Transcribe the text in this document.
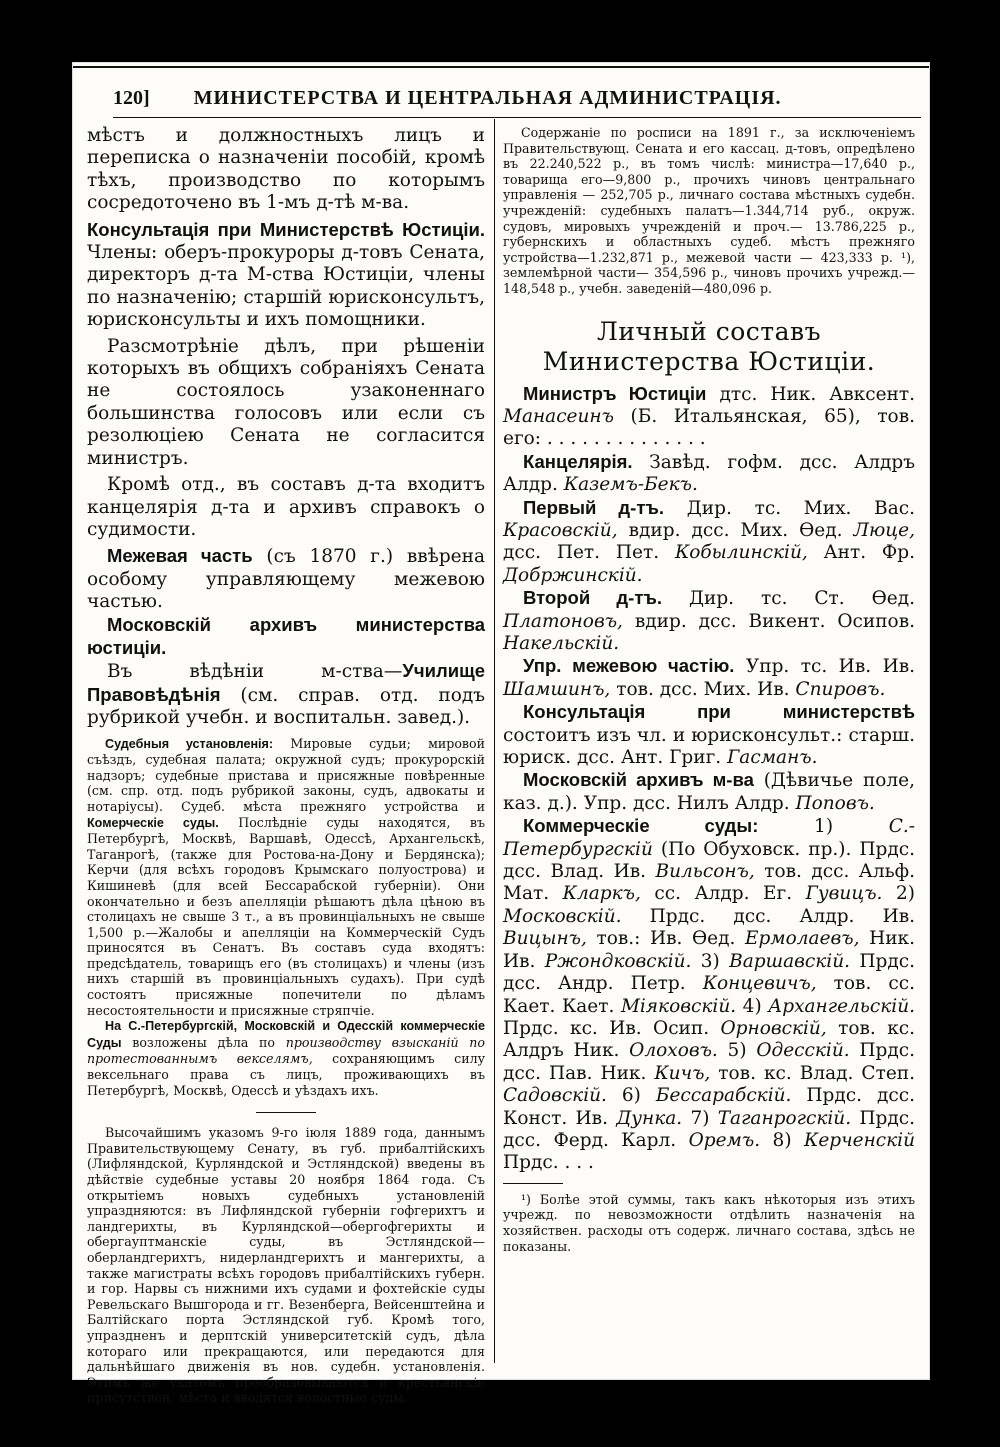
120] МИНИСТЕРСТВА И ЦЕНТРАЛЬНАЯ АДМИНИСТРАЦІЯ.

мѣстъ и должностныхъ лицъ и переписка о назначеніи пособій, кромѣ тѣхъ, производство по которымъ сосредоточено въ 1-мъ д-тѣ м-ва.

Консультація при Министерствѣ Юстиціи. Члены: оберъ-прокуроры д-товъ Сената, директоръ д-та М-ства Юстиціи, члены по назначенію; старшій юрисконсультъ, юрисконсульты и ихъ помощники.

Разсмотрѣніе дѣлъ, при рѣшеніи которыхъ въ общихъ собраніяхъ Сената не состоялось узаконеннаго большинства голосовъ или если съ резолюціею Сената не согласится министръ.

Кромѣ отд., въ составъ д-та входитъ канцелярія д-та и архивъ справокъ о судимости.

Межевая часть (съ 1870 г.) ввѣрена особому управляющему межевою частью.

Московскій архивъ министерства юстиціи.

Въ вѣдѣніи м-ства—Училище Правовѣдѣнія (см. справ. отд. подъ рубрикой учебн. и воспитальн. завед.).

Судебныя установленія: Мировые судьи; мировой съѣздъ, судебная палата; окружной судъ; прокурорскій надзоръ; судебные пристава и присяжные повѣренные (см. спр. отд. подъ рубрикой законы, судъ, адвокаты и нотаріусы). Судеб. мѣста прежняго устройства и Комерческіе суды. Послѣдніе суды находятся, въ Петербургѣ, Москвѣ, Варшавѣ, Одессѣ, Архангельскѣ, Таганрогѣ, (также для Ростова-на-Дону и Бердянска); Керчи (для всѣхъ городовъ Крымскаго полуострова) и Кишиневѣ (для всей Бессарабской губерніи). Они окончательно и безъ апелляціи рѣшаютъ дѣла цѣною въ столицахъ не свыше 3 т., а въ провинціальныхъ не свыше 1,500 р.—Жалобы и апелляціи на Коммерческій Судъ приносятся въ Сенатъ. Въ составъ суда входятъ: предсѣдатель, товарищъ его (въ столицахъ) и члены (изъ нихъ старшій въ провинціальныхъ судахъ). При судѣ состоятъ присяжные попечители по дѣламъ несостоятельности и присяжные стряпчіе.

На С.-Петербургскій, Московскій и Одесскій коммерческіе Суды возложены дѣла по производству взысканій по протестованнымъ векселямъ, сохраняющимъ силу вексельнаго права съ лицъ, проживающихъ въ Петербургѣ, Москвѣ, Одессѣ и уѣздахъ ихъ.

Высочайшимъ указомъ 9-го іюля 1889 года, даннымъ Правительствующему Сенату, въ губ. прибалтійскихъ (Лифляндской, Курляндской и Эстляндской) введены въ дѣйствіе судебные уставы 20 ноября 1864 года. Съ открытіемъ новыхъ судебныхъ установленій упраздняются: въ Лифляндской губерніи гофгерихтъ и ландгерихты, въ Курляндской—обергофгерихты и обергауптманскіе суды, въ Эстляндской—оберландгерихтъ, нидерландгерихтъ и мангерихты, а также магистраты всѣхъ городовъ прибалтійскихъ губерн. и гор. Нарвы съ нижними ихъ судами и фохтейскіе суды Ревельскаго Вышгорода и гг. Везенберга, Вейсенштейна и Балтійскаго порта Эстляндской губ. Кромѣ того, упраздненъ и дерптскій университетскій судъ, дѣла котораго или прекращаются, или передаются для дальнѣйшаго движенія въ нов. судебн. установленія. Этимъ же указомъ преобразовываются и крестьянскіе присутствен. мѣста и вводятся волостные суды.

Содержаніе по росписи на 1891 г., за исключеніемъ Правительствующ. Сената и его кассац. д-товъ, опредѣлено въ 22.240,522 р., въ томъ числѣ: министра—17,640 р., товарища его—9,800 р., прочихъ чиновъ центральнаго управленія — 252,705 р., личнаго состава мѣстныхъ судебн. учрежденій: судебныхъ палатъ—1.344,714 руб., окруж. судовъ, мировыхъ учрежденій и проч.— 13.786,225 р., губернскихъ и областныхъ судеб. мѣстъ прежняго устройства—1.232,871 р., межевой части — 423,333 р. ¹), землемѣрной части— 354,596 р., чиновъ прочихъ учрежд.—148,548 р., учебн. заведеній—480,096 р.

Личный составъ Министерства Юстиціи.

Министръ Юстиціи дтс. Ник. Авксент. Манасеинъ (Б. Итальянская, 65), тов. его: . . . . . . . . . . . . . .

Канцелярія. Завѣд. гофм. дсс. Алдръ Алдр. Каземъ-Бекъ.

Первый д-тъ. Дир. тс. Мих. Вас. Красовскій, вдир. дсс. Мих. Ѳед. Люце, дсс. Пет. Пет. Кобылинскій, Ант. Фр. Добржинскій.

Второй д-тъ. Дир. тс. Ст. Ѳед. Платоновъ, вдир. дсс. Викент. Осипов. Накельскій.

Упр. межевою частію. Упр. тс. Ив. Ив. Шамшинъ, тов. дсс. Мих. Ив. Спировъ.

Консультація при министерствѣ состоитъ изъ чл. и юрисконсульт.: старш. юриск. дсс. Ант. Григ. Гасманъ.

Московскій архивъ м-ва (Дѣвичье поле, каз. д.). Упр. дсс. Нилъ Алдр. Поповъ.

Коммерческіе суды: 1) С.-Петербургскій (По Обуховск. пр.). Прдс. дсс. Влад. Ив. Вильсонъ, тов. дсс. Альф. Мат. Кларкъ, сс. Алдр. Ег. Гувицъ. 2) Московскій. Прдс. дсс. Алдр. Ив. Вицынъ, тов.: Ив. Ѳед. Ермолаевъ, Ник. Ив. Ржондковскій. 3) Варшавскій. Прдс. дсс. Андр. Петр. Концевичъ, тов. сс. Кает. Кает. Міяковскій. 4) Архангельскій. Прдс. кс. Ив. Осип. Орновскій, тов. кс. Алдръ Ник. Олоховъ. 5) Одесскій. Прдс. дсс. Пав. Ник. Кичъ, тов. кс. Влад. Степ. Садовскій. 6) Бессарабскій. Прдс. дсс. Конст. Ив. Дунка. 7) Таганрогскій. Прдс. дсс. Ферд. Карл. Оремъ. 8) Керченскій Прдс. . . .

¹) Болѣе этой суммы, такъ какъ нѣкоторыя изъ этихъ учрежд. по невозможности отдѣлить назначенія на хозяйствен. расходы отъ содерж. личнаго состава, здѣсь не показаны.
